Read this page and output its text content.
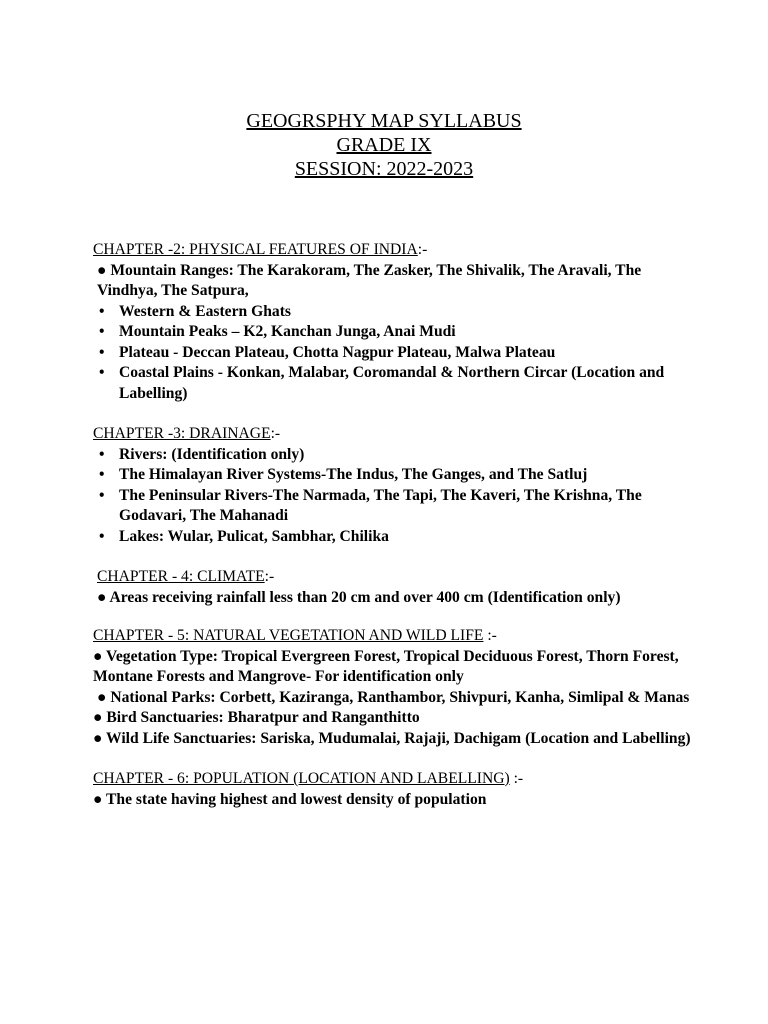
GEOGRSPHY MAP SYLLABUS
GRADE IX
SESSION: 2022-2023
CHAPTER -2: PHYSICAL FEATURES OF INDIA:-
● Mountain Ranges: The Karakoram, The Zasker, The Shivalik, The Aravali, The Vindhya, The Satpura,
• Western & Eastern Ghats
• Mountain Peaks – K2, Kanchan Junga, Anai Mudi
• Plateau - Deccan Plateau, Chotta Nagpur Plateau, Malwa Plateau
• Coastal Plains - Konkan, Malabar, Coromandal & Northern Circar (Location and Labelling)
CHAPTER -3: DRAINAGE:-
• Rivers: (Identification only)
• The Himalayan River Systems-The Indus, The Ganges, and The Satluj
• The Peninsular Rivers-The Narmada, The Tapi, The Kaveri, The Krishna, The Godavari, The Mahanadi
• Lakes: Wular, Pulicat, Sambhar, Chilika
CHAPTER - 4: CLIMATE:-
● Areas receiving rainfall less than 20 cm and over 400 cm (Identification only)
CHAPTER - 5: NATURAL VEGETATION AND WILD LIFE :-
● Vegetation Type: Tropical Evergreen Forest, Tropical Deciduous Forest, Thorn Forest, Montane Forests and Mangrove- For identification only
● National Parks: Corbett, Kaziranga, Ranthambor, Shivpuri, Kanha, Simlipal & Manas
● Bird Sanctuaries: Bharatpur and Ranganthitto
● Wild Life Sanctuaries: Sariska, Mudumalai, Rajaji, Dachigam (Location and Labelling)
CHAPTER - 6: POPULATION (LOCATION AND LABELLING) :-
● The state having highest and lowest density of population
